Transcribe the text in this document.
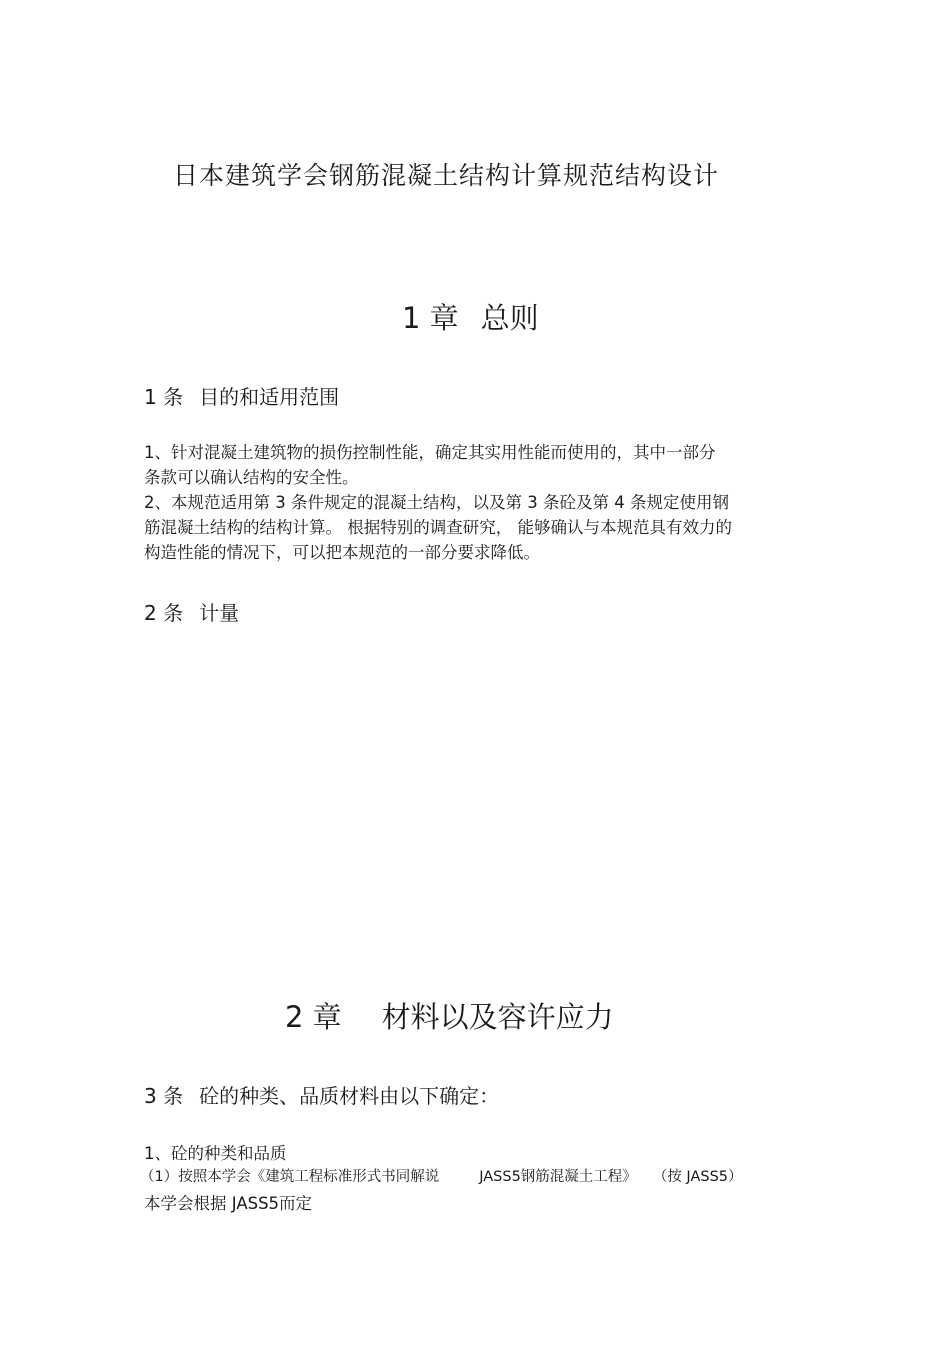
日本建筑学会钢筋混凝土结构计算规范结构设计
1 章 总则
1 条 目的和适用范围
1、针对混凝土建筑物的损伤控制性能，确定其实用性能而使用的，其中一部分
条款可以确认结构的安全性。
2、本规范适用第 3 条件规定的混凝土结构，以及第 3 条砼及第 4 条规定使用钢
筋混凝土结构的结构计算。 根据特别的调查研究， 能够确认与本规范具有效力的
构造性能的情况下，可以把本规范的一部分要求降低。
2 条 计量
2 章 材料以及容许应力
3 条 砼的种类、品质材料由以下确定：
1、砼的种类和品质
（1）按照本学会《建筑工程标准形式书同解说	JASS5钢筋混凝土工程》 （按 JASS5）
本学会根据 JASS5而定
